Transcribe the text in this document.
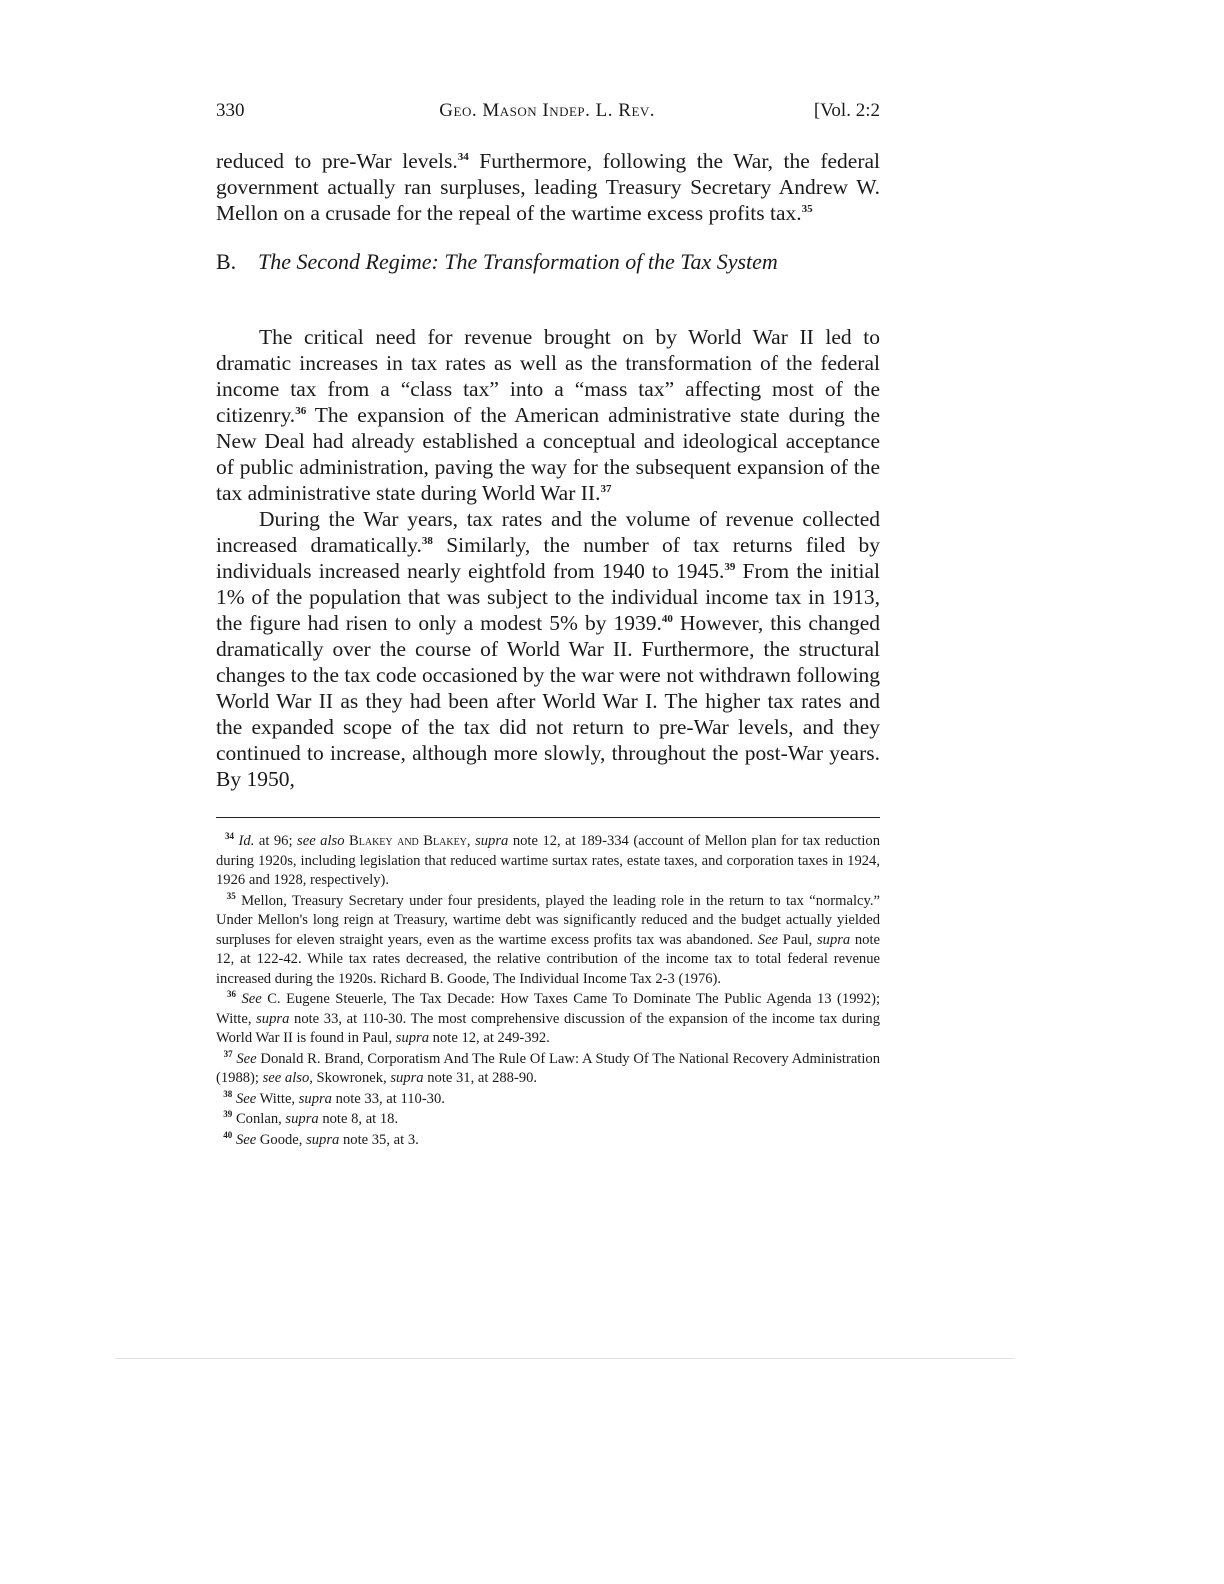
330	Geo. Mason Indep. L. Rev.	[Vol. 2:2

reduced to pre-War levels.$^{34}$ Furthermore, following the War, the federal government actually ran surpluses, leading Treasury Secretary Andrew W. Mellon on a crusade for the repeal of the wartime excess profits tax.$^{35}$

B. The Second Regime: The Transformation of the Tax System

The critical need for revenue brought on by World War II led to dramatic increases in tax rates as well as the transformation of the federal income tax from a “class tax” into a “mass tax” affecting most of the citizenry.$^{36}$ The expansion of the American administrative state during the New Deal had already established a conceptual and ideological acceptance of public administration, paving the way for the subsequent expansion of the tax administrative state during World War II.$^{37}$

During the War years, tax rates and the volume of revenue collected increased dramatically.$^{38}$ Similarly, the number of tax returns filed by individuals increased nearly eightfold from 1940 to 1945.39 From the initial 1% of the population that was subject to the individual income tax in 1913, the figure had risen to only a modest 5% by 1939.40 However, this changed dramatically over the course of World War II. Furthermore, the structural changes to the tax code occasioned by the war were not withdrawn following World War II as they had been after World War I. The higher tax rates and the expanded scope of the tax did not return to pre-War levels, and they continued to increase, although more slowly, throughout the post-War years. By 1950,

$^{34}$ Id. at 96; see also Blakey and Blakey, supra note 12, at 189-334 (account of Mellon plan for tax reduction during 1920s, including legislation that reduced wartime surtax rates, estate taxes, and corporation taxes in 1924, 1926 and 1928, respectively).

$^{35}$ Mellon, Treasury Secretary under four presidents, played the leading role in the return to tax “normalcy.” Under Mellon's long reign at Treasury, wartime debt was significantly reduced and the budget actually yielded surpluses for eleven straight years, even as the wartime excess profits tax was abandoned. See Paul, supra note 12, at 122-42. While tax rates decreased, the relative contribution of the income tax to total federal revenue increased during the 1920s. Richard B. Goode, The Individual Income Tax 2-3 (1976).

$^{36}$ See C. Eugene Steuerle, The Tax Decade: How Taxes Came To Dominate The Public Agenda 13 (1992); Witte, supra note 33, at 110-30. The most comprehensive discussion of the expansion of the income tax during World War II is found in Paul, supra note 12, at 249-392.

$^{37}$ See Donald R. Brand, Corporatism And The Rule Of Law: A Study Of The National Recovery Administration (1988); see also, Skowronek, supra note 31, at 288-90.

$^{38}$ See Witte, supra note 33, at 110-30.

$^{39}$ Conlan, supra note 8, at 18.

$^{40}$ See Goode, supra note 35, at 3.
